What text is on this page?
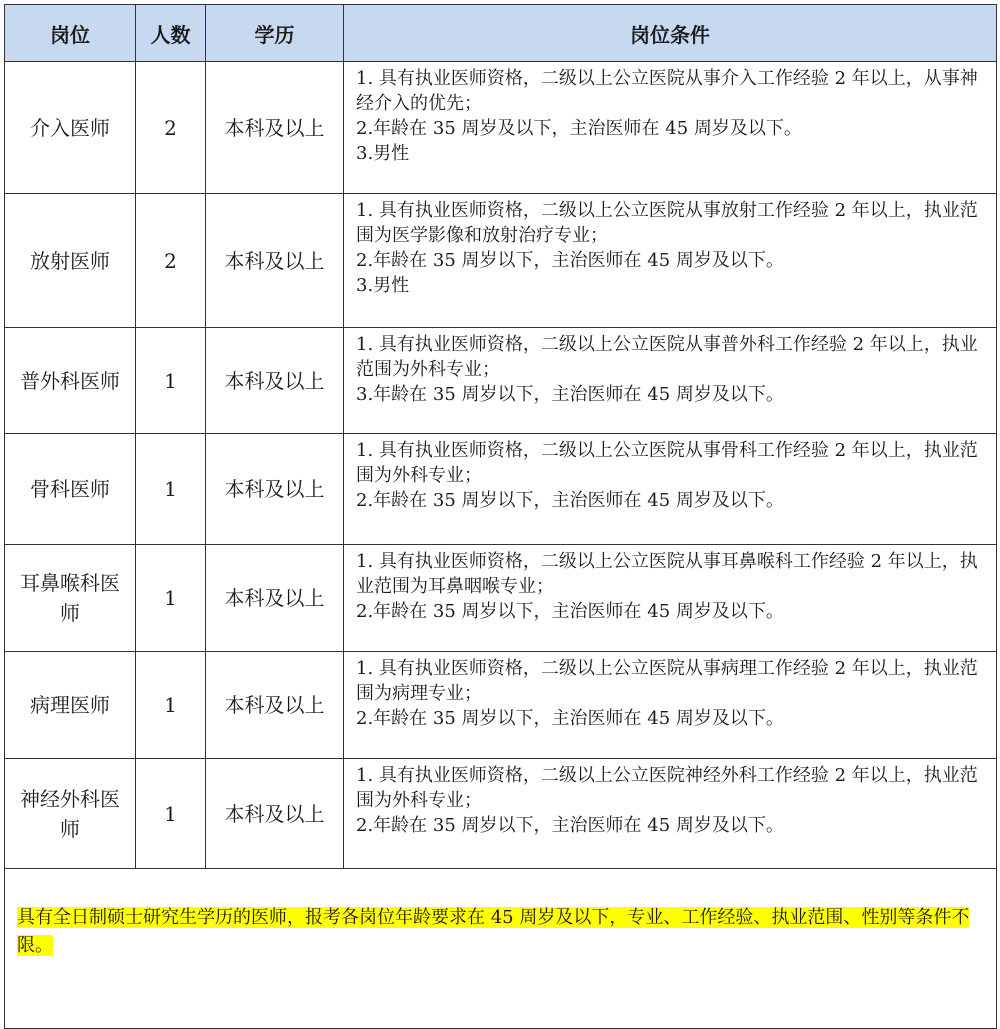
岗位	人数	学历	岗位条件
介入医师	2	本科及以上	1. 具有执业医师资格，二级以上公立医院从事介入工作经验 2 年以上，从事神经介入的优先；
2.年龄在 35 周岁及以下，主治医师在 45 周岁及以下。
3.男性

放射医师	2	本科及以上	1. 具有执业医师资格，二级以上公立医院从事放射工作经验 2 年以上，执业范围为医学影像和放射治疗专业；
2.年龄在 35 周岁以下，主治医师在 45 周岁及以下。
3.男性

普外科医师	1	本科及以上	1. 具有执业医师资格，二级以上公立医院从事普外科工作经验 2 年以上，执业范围为外科专业；
3.年龄在 35 周岁以下，主治医师在 45 周岁及以下。

骨科医师	1	本科及以上	1. 具有执业医师资格，二级以上公立医院从事骨科工作经验 2 年以上，执业范围为外科专业；
2.年龄在 35 周岁以下，主治医师在 45 周岁及以下。

耳鼻喉科医师	1	本科及以上	1. 具有执业医师资格，二级以上公立医院从事耳鼻喉科工作经验 2 年以上，执业范围为耳鼻咽喉专业；
2.年龄在 35 周岁以下，主治医师在 45 周岁及以下。

病理医师	1	本科及以上	1. 具有执业医师资格，二级以上公立医院从事病理工作经验 2 年以上，执业范围为病理专业；
2.年龄在 35 周岁以下，主治医师在 45 周岁及以下。

神经外科医师	1	本科及以上	1. 具有执业医师资格，二级以上公立医院神经外科工作经验 2 年以上，执业范围为外科专业；
2.年龄在 35 周岁以下，主治医师在 45 周岁及以下。

具有全日制硕士研究生学历的医师，报考各岗位年龄要求在 45 周岁及以下，专业、工作经验、执业范围、性别等条件不限。			
